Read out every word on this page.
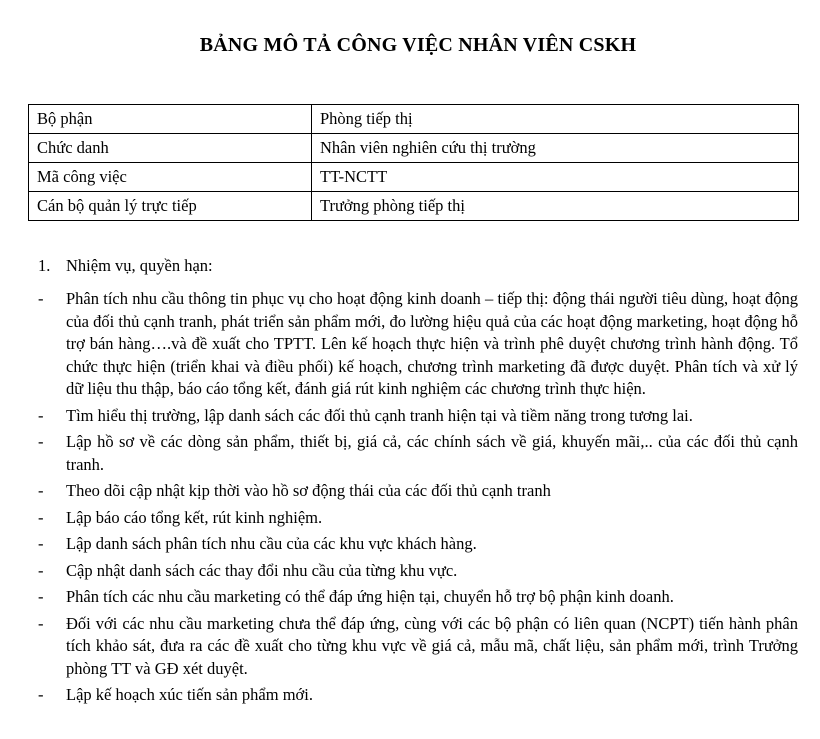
BẢNG MÔ TẢ CÔNG VIỆC NHÂN VIÊN CSKH
Bộ phận	Phòng tiếp thị
Chức danh	Nhân viên nghiên cứu thị trường
Mã công việc	TT-NCTT
Cán bộ quản lý trực tiếp	Trưởng phòng tiếp thị
1. Nhiệm vụ, quyền hạn:
- Phân tích nhu cầu thông tin phục vụ cho hoạt động kinh doanh – tiếp thị: động thái người tiêu dùng, hoạt động của đối thủ cạnh tranh, phát triển sản phẩm mới, đo lường hiệu quả của các hoạt động marketing, hoạt động hỗ trợ bán hàng….và đề xuất cho TPTT. Lên kế hoạch thực hiện và trình phê duyệt chương trình hành động. Tổ chức thực hiện (triển khai và điều phối) kế hoạch, chương trình marketing đã được duyệt. Phân tích và xử lý dữ liệu thu thập, báo cáo tổng kết, đánh giá rút kinh nghiệm các chương trình thực hiện.
- Tìm hiểu thị trường, lập danh sách các đối thủ cạnh tranh hiện tại và tiềm năng trong tương lai.
- Lập hồ sơ về các dòng sản phẩm, thiết bị, giá cả, các chính sách về giá, khuyến mãi,.. của các đối thủ cạnh tranh.
- Theo dõi cập nhật kịp thời vào hồ sơ động thái của các đối thủ cạnh tranh
- Lập báo cáo tổng kết, rút kinh nghiệm.
- Lập danh sách phân tích nhu cầu của các khu vực khách hàng.
- Cập nhật danh sách các thay đổi nhu cầu của từng khu vực.
- Phân tích các nhu cầu marketing có thể đáp ứng hiện tại, chuyển hỗ trợ bộ phận kinh doanh.
- Đối với các nhu cầu marketing chưa thể đáp ứng, cùng với các bộ phận có liên quan (NCPT) tiến hành phân tích khảo sát, đưa ra các đề xuất cho từng khu vực về giá cả, mẫu mã, chất liệu, sản phẩm mới, trình Trưởng phòng TT và GĐ xét duyệt.
- Lập kế hoạch xúc tiến sản phẩm mới.
